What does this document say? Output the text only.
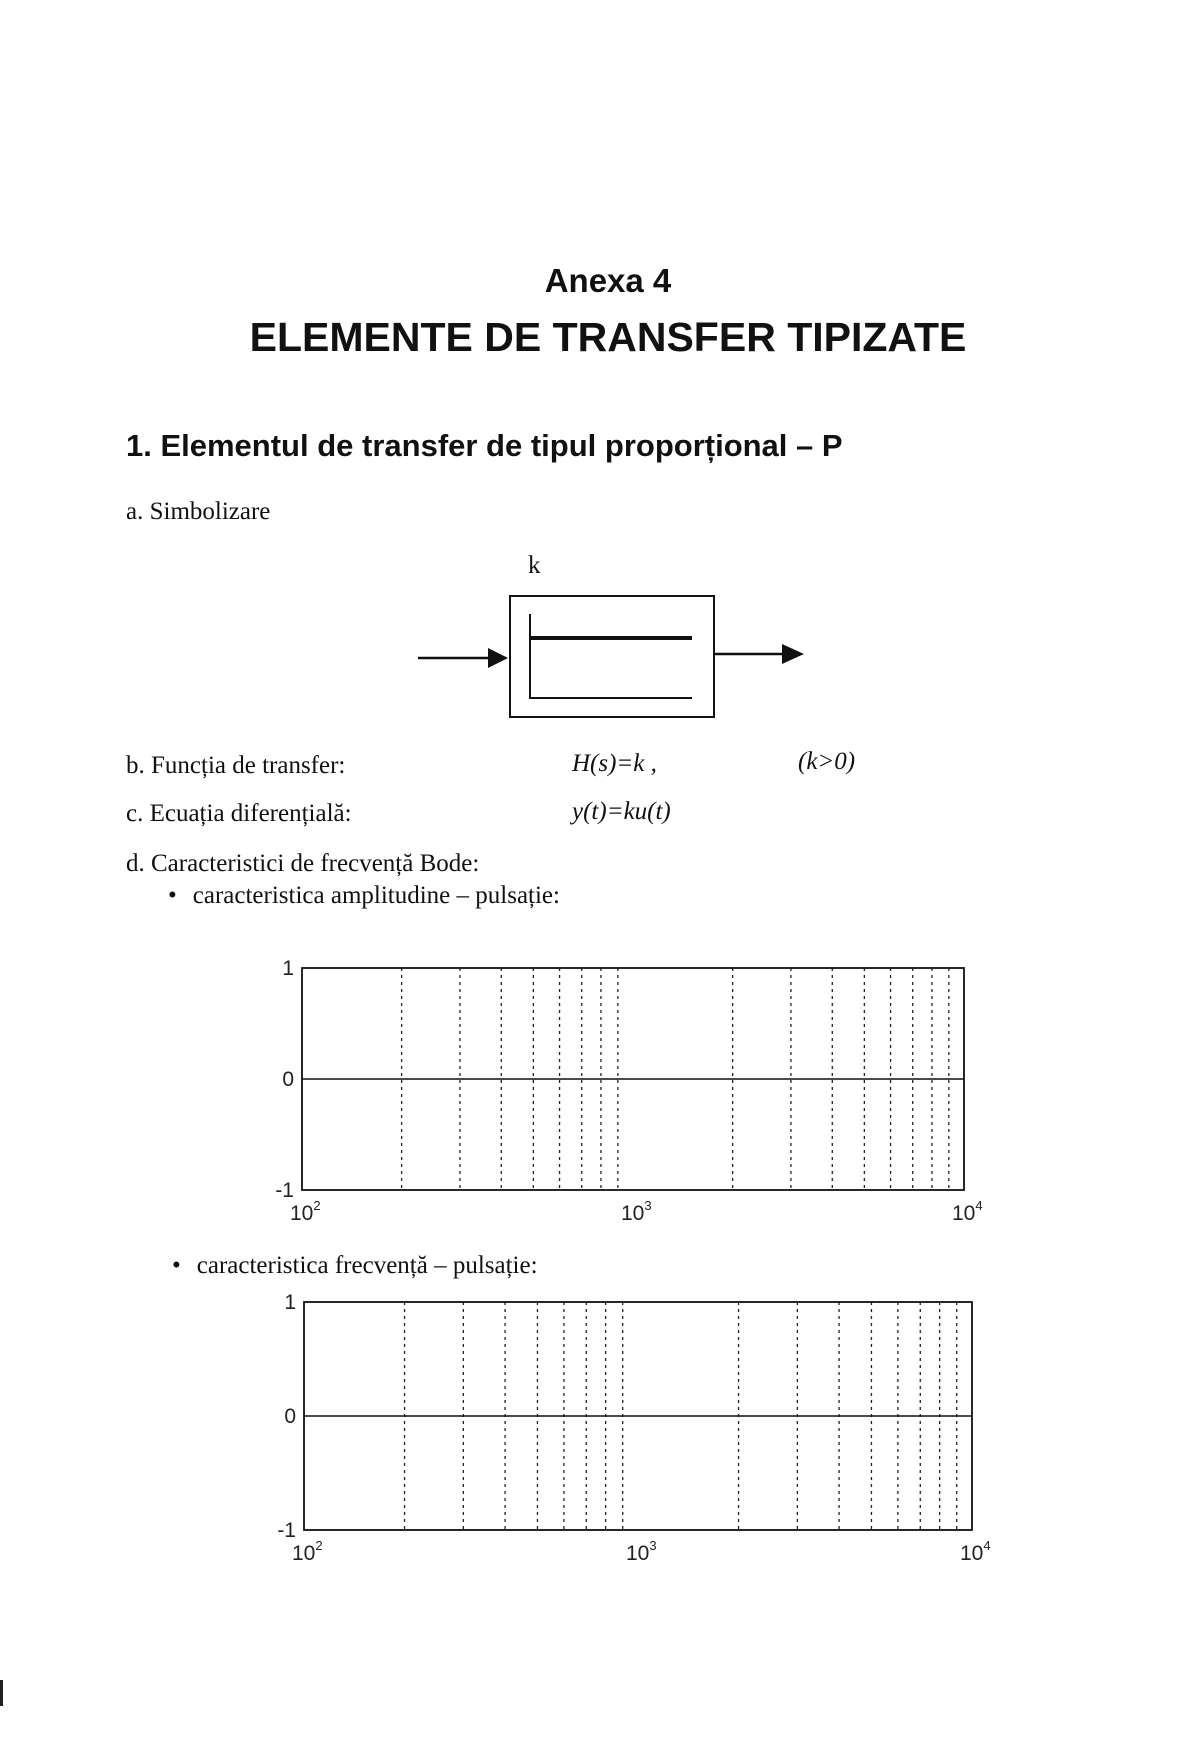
Anexa 4
ELEMENTE DE TRANSFER TIPIZATE
1. Elementul de transfer de tipul proporțional – P
a. Simbolizare
k
b. Funcția de transfer:	H(s)=k ,	(k>0)
c. Ecuația diferențială:	y(t)=ku(t)
d. Caracteristici de frecvență Bode:
• caracteristica amplitudine – pulsație:
• caracteristica frecvență – pulsație:
1
0
-1
$10^2$	$10^3$	$10^4$
1
0
-1
$10^2$	$10^3$	$10^4$
